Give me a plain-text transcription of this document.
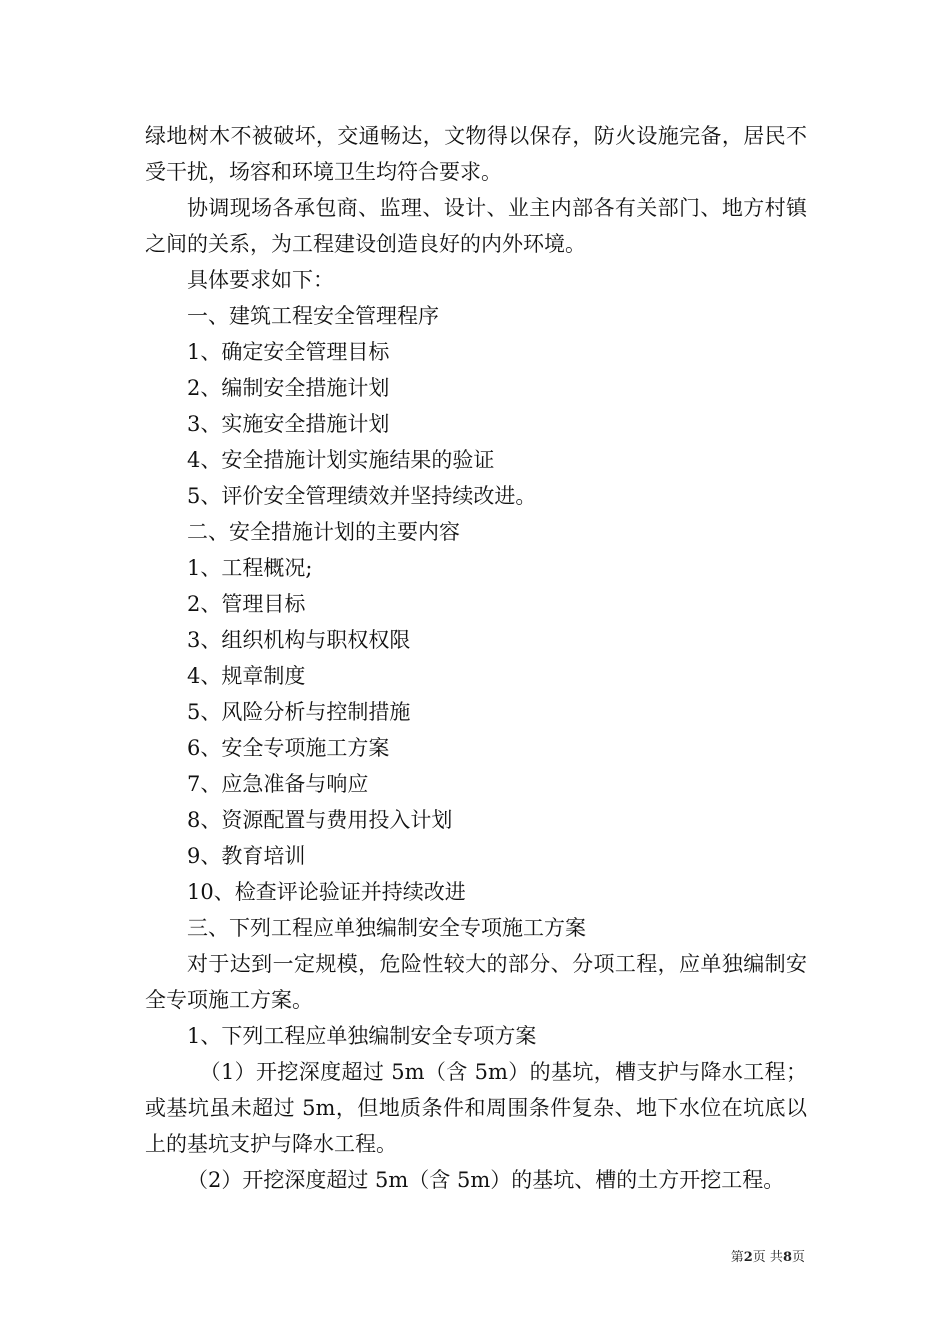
绿地树木不被破坏，交通畅达，文物得以保存，防火设施完备，居民不受干扰，场容和环境卫生均符合要求。

协调现场各承包商、监理、设计、业主内部各有关部门、地方村镇之间的关系，为工程建设创造良好的内外环境。

具体要求如下：

一、建筑工程安全管理程序

1、确定安全管理目标

2、编制安全措施计划

3、实施安全措施计划

4、安全措施计划实施结果的验证

5、评价安全管理绩效并坚持续改进。

二、安全措施计划的主要内容

1、工程概况;

2、管理目标

3、组织机构与职权权限

4、规章制度

5、风险分析与控制措施

6、安全专项施工方案

7、应急准备与响应

8、资源配置与费用投入计划

9、教育培训

10、检查评论验证并持续改进

三、下列工程应单独编制安全专项施工方案

对于达到一定规模，危险性较大的部分、分项工程，应单独编制安全专项施工方案。

1、下列工程应单独编制安全专项方案

（1）开挖深度超过 5m（含 5m）的基坑，槽支护与降水工程；或基坑虽未超过 5m，但地质条件和周围条件复杂、地下水位在坑底以上的基坑支护与降水工程。

（2）开挖深度超过 5m（含 5m）的基坑、槽的土方开挖工程。

第2页 共8页
